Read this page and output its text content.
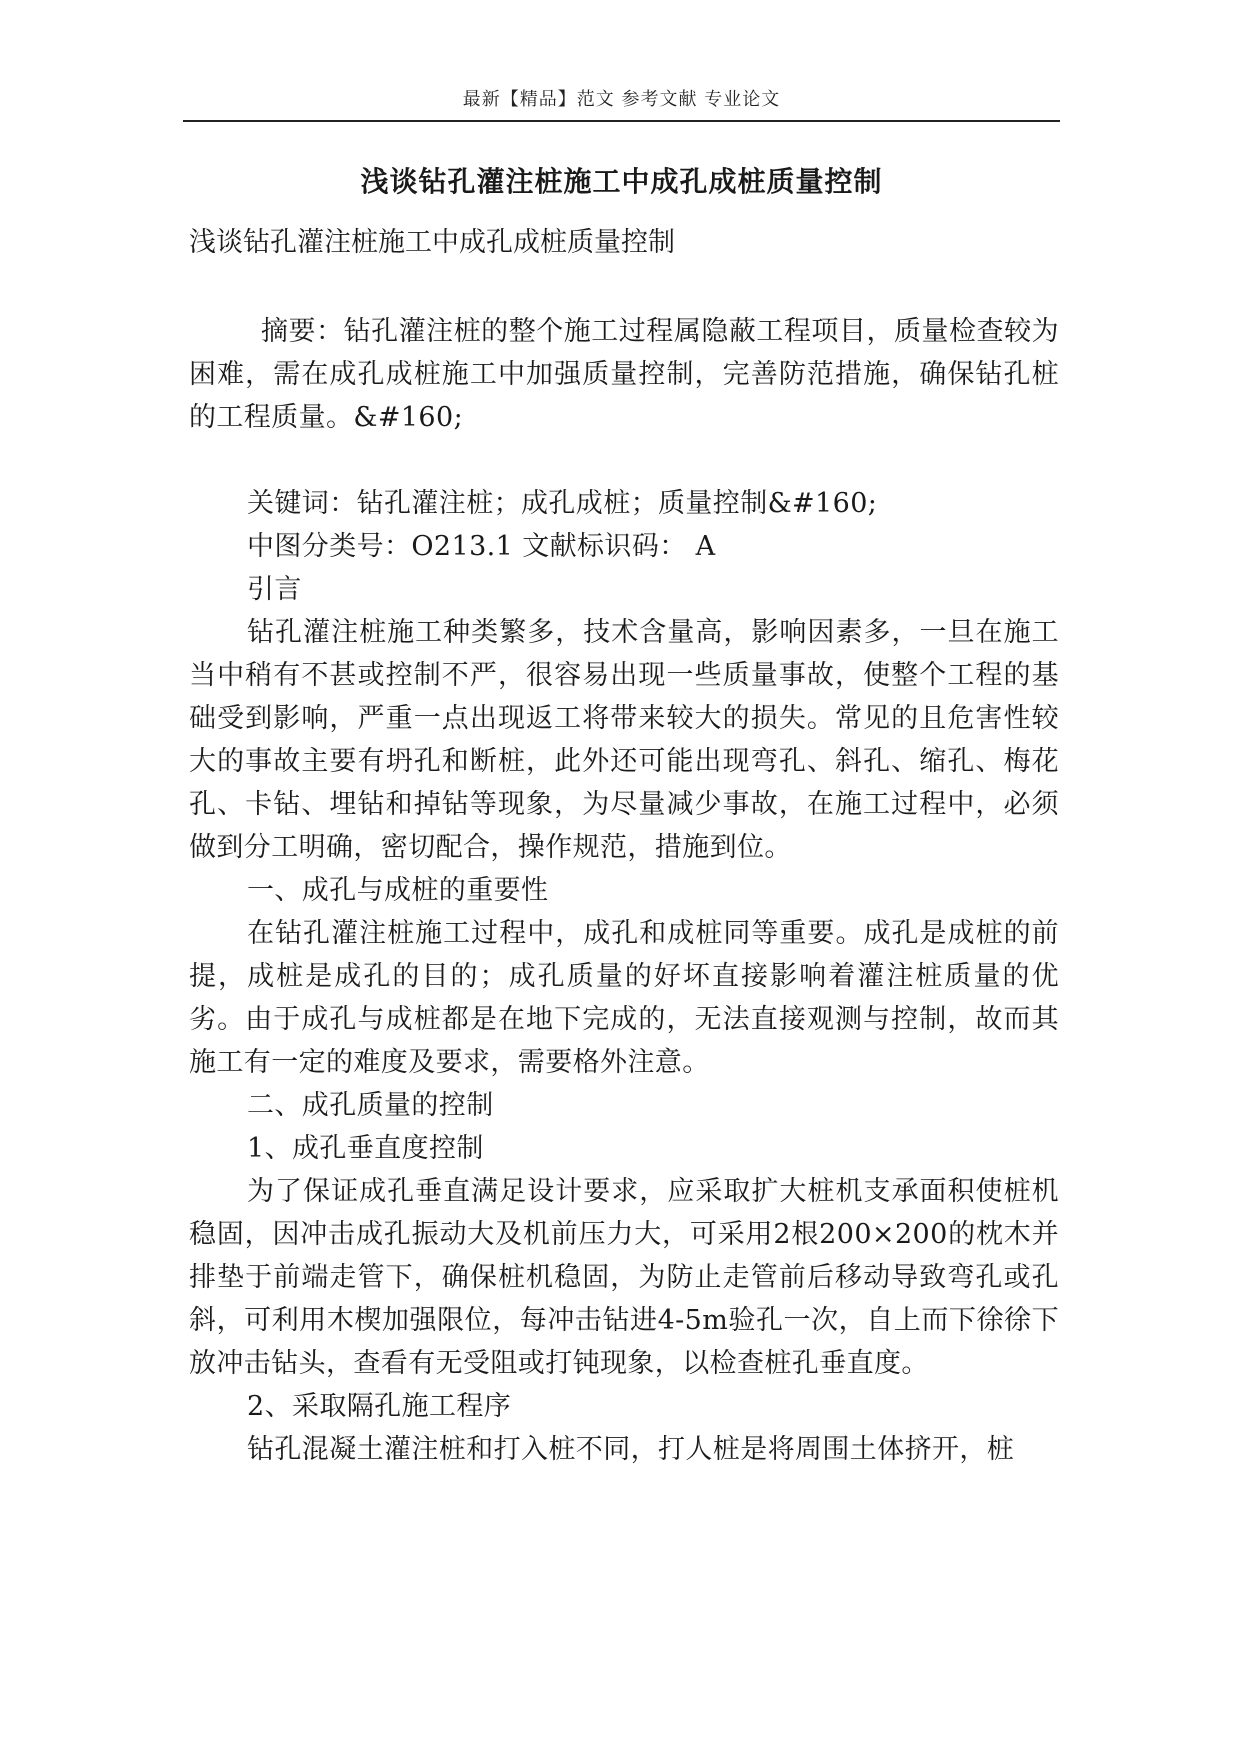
最新【精品】范文 参考文献 专业论文
浅谈钻孔灌注桩施工中成孔成桩质量控制
浅谈钻孔灌注桩施工中成孔成桩质量控制

摘要：钻孔灌注桩的整个施工过程属隐蔽工程项目，质量检查较为困难，需在成孔成桩施工中加强质量控制，完善防范措施，确保钻孔桩的工程质量。&#160;

关键词：钻孔灌注桩；成孔成桩；质量控制&#160;

中图分类号：O213.1 文献标识码： A

引言

钻孔灌注桩施工种类繁多，技术含量高，影响因素多，一旦在施工当中稍有不甚或控制不严，很容易出现一些质量事故，使整个工程的基础受到影响，严重一点出现返工将带来较大的损失。常见的且危害性较大的事故主要有坍孔和断桩，此外还可能出现弯孔、斜孔、缩孔、梅花孔、卡钻、埋钻和掉钻等现象，为尽量减少事故，在施工过程中，必须做到分工明确，密切配合，操作规范，措施到位。

一、成孔与成桩的重要性

在钻孔灌注桩施工过程中，成孔和成桩同等重要。成孔是成桩的前提，成桩是成孔的目的；成孔质量的好坏直接影响着灌注桩质量的优劣。由于成孔与成桩都是在地下完成的，无法直接观测与控制，故而其施工有一定的难度及要求，需要格外注意。

二、成孔质量的控制

1、成孔垂直度控制

为了保证成孔垂直满足设计要求，应采取扩大桩机支承面积使桩机稳固，因冲击成孔振动大及机前压力大，可采用2根200×200的枕木并排垫于前端走管下，确保桩机稳固，为防止走管前后移动导致弯孔或孔斜，可利用木楔加强限位，每冲击钻进4-5m验孔一次，自上而下徐徐下放冲击钻头，查看有无受阻或打钝现象，以检查桩孔垂直度。

2、采取隔孔施工程序

钻孔混凝土灌注桩和打入桩不同，打人桩是将周围土体挤开，桩
